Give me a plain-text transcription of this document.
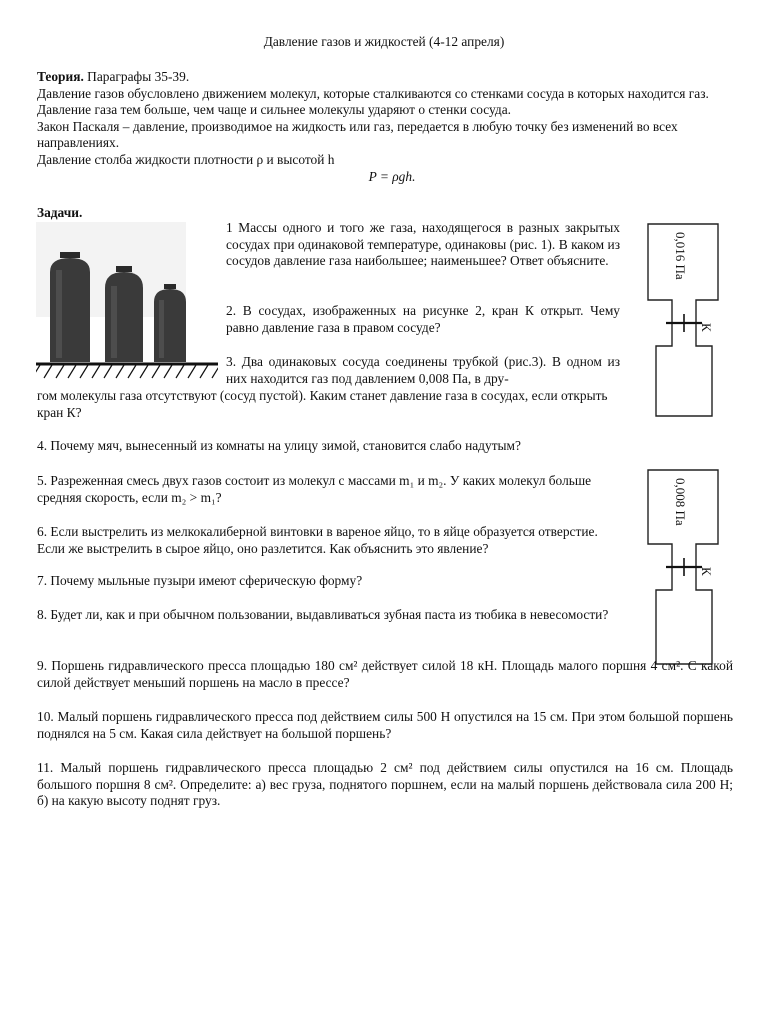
Давление газов и жидкостей (4-12 апреля)

Теория. Параграфы 35-39.

Давление газов обусловлено движением молекул, которые сталкиваются со стенками сосуда в которых находится газ. Давление газа тем больше, чем чаще и сильнее молекулы ударяют о стенки сосуда.

Закон Паскаля – давление, производимое на жидкость или газ, передается в любую точку без изменений во всех направлениях.

Давление столба жидкости плотности ρ и высотой h

P = ρgh.

Задачи.
К
0,016 Па
К
0,008 Па

1 Массы одного и того же газа, находящегося в разных закрытых сосудах при одинаковой температуре, одинаковы (рис. 1). В каком из сосудов давление газа наибольшее; наименьшее? Ответ объясните.

2. В сосудах, изображенных на рисунке 2, кран К открыт. Чему равно давление газа в правом сосуде?

3. Два одинаковых сосуда соединены трубкой (рис.3). В одном из них находится газ под давлением 0,008 Па, в дру-

гом молекулы газа отсутствуют (сосуд пустой). Каким станет давление газа в сосудах, если открыть кран К?

4. Почему мяч, вынесенный из комнаты на улицу зимой, становится слабо надутым?

5. Разреженная смесь двух газов состоит из молекул с массами m₁ и m₂. У каких молекул больше средняя скорость, если m₂ > m₁?

6. Если выстрелить из мелкокалиберной винтовки в вареное яйцо, то в яйце образуется отверстие. Если же выстрелить в сырое яйцо, оно разлетится. Как объяснить это явление?

7. Почему мыльные пузыри имеют сферическую форму?

8. Будет ли, как и при обычном пользовании, выдавливаться зубная паста из тюбика в невесомости?

9. Поршень гидравлического пресса площадью 180 см² действует силой 18 кН. Площадь малого поршня 4 см². С какой силой действует меньший поршень на масло в прессе?

10. Малый поршень гидравлического пресса под действием силы 500 Н опустился на 15 см. При этом большой поршень поднялся на 5 см. Какая сила действует на большой поршень?

11. Малый поршень гидравлического пресса площадью 2 см² под действием силы опустился на 16 см. Площадь большого поршня 8 см². Определите: а) вес груза, поднятого поршнем, если на малый поршень действовала сила 200 Н; б) на какую высоту поднят груз.
